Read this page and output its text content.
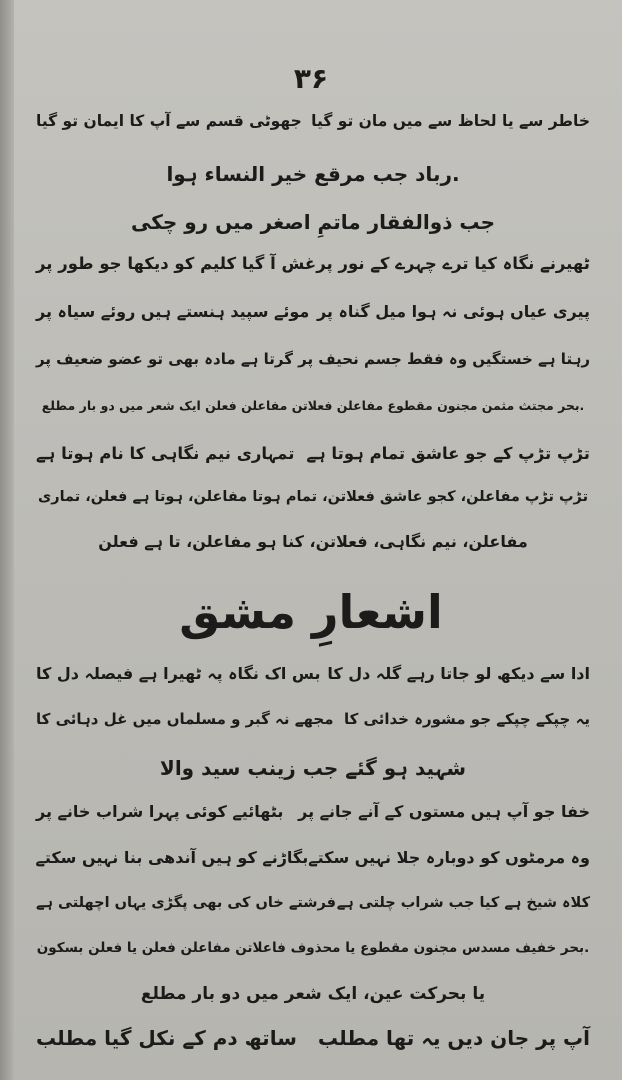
۳۶
خاطر سے یا لحاظ سے میں مان تو گیا
جھوٹی قسم سے آپ کا ایمان تو گیا
.رباد جب مرقع خیر النساء ہوا
جب ذوالفقار ماتمِ اصغر میں رو چکی
ٹھیرنے نگاہ کیا ترے چہرے کے نور پر
غش آ گیا کلیم کو دیکھا جو طور پر
پیری عیاں ہوئی نہ ہوا میل گناہ پر
موئے سپید ہنستے ہیں روئے سیاہ پر
رہتا ہے خستگیں وہ فقط جسم نحیف پر
گرتا ہے مادہ بھی تو عضو ضعیف پر
.بحر مجتث مثمن مجنون مقطوع مفاعلن فعلاتن مفاعلن فعلن ایک شعر میں دو بار مطلع
تڑپ تڑپ کے جو عاشق تمام ہوتا ہے
تمہاری نیم نگاہی کا نام ہوتا ہے
تڑپ تڑپ مفاعلن، کجو عاشق فعلاتن، تمام ہوتا مفاعلن، ہوتا ہے فعلن، تماری
مفاعلن، نیم نگاہی، فعلاتن، کنا ہو مفاعلن، تا ہے فعلن
اشعارِ مشق
ادا سے دیکھ لو جاتا رہے گلہ دل کا
بس اک نگاہ پہ ٹھیرا ہے فیصلہ دل کا
یہ چپکے چپکے جو مشورہ خدائی کا
مجھے نہ گبر و مسلماں میں غل دہائی کا
شہید ہو گئے جب زینب سید والا
خفا جو آپ ہیں مستوں کے آنے جانے پر
بٹھائیے کوئی پہرا شراب خانے پر
وہ مرمٹوں کو دوبارہ جلا نہیں سکتے
بگاڑنے کو ہیں آندھی بنا نہیں سکتے
کلاہ شیخ ہے کیا جب شراب چلتی ہے
فرشتے خاں کی بھی پگڑی یہاں اچھلتی ہے
.بحر خفیف مسدس مجنون مقطوع یا محذوف فاعلاتن مفاعلن فعلن یا فعلن بسکون
یا بحرکت عین، ایک شعر میں دو بار مطلع
آپ پر جان دیں یہ تھا مطلب
ساتھ دم کے نکل گیا مطلب
